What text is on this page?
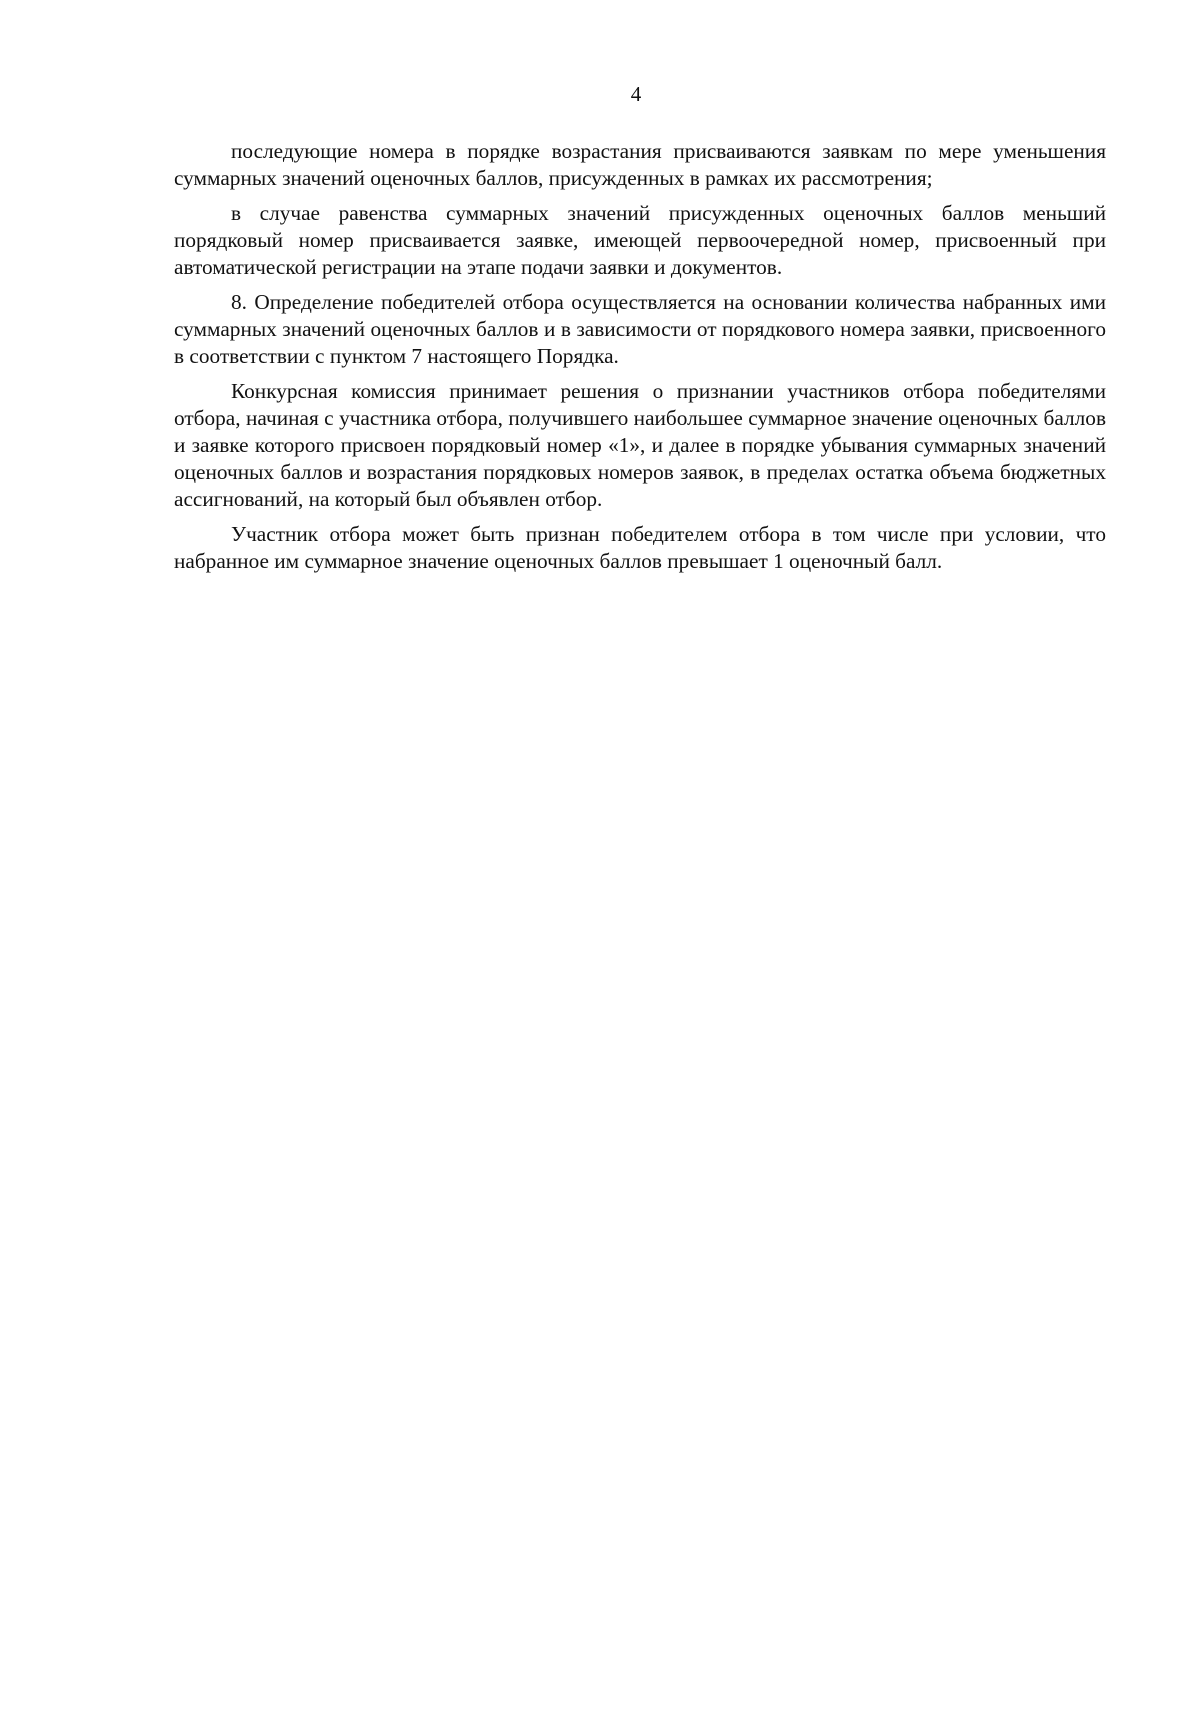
4

последующие номера в порядке возрастания присваиваются заявкам по мере уменьшения суммарных значений оценочных баллов, присужденных в рамках их рассмотрения;

в случае равенства суммарных значений присужденных оценочных баллов меньший порядковый номер присваивается заявке, имеющей первоочередной номер, присвоенный при автоматической регистрации на этапе подачи заявки и документов.

8. Определение победителей отбора осуществляется на основании количества набранных ими суммарных значений оценочных баллов и в зависимости от порядкового номера заявки, присвоенного в соответствии с пунктом 7 настоящего Порядка.

Конкурсная комиссия принимает решения о признании участников отбора победителями отбора, начиная с участника отбора, получившего наибольшее суммарное значение оценочных баллов и заявке которого присвоен порядковый номер «1», и далее в порядке убывания суммарных значений оценочных баллов и возрастания порядковых номеров заявок, в пределах остатка объема бюджетных ассигнований, на который был объявлен отбор.

Участник отбора может быть признан победителем отбора в том числе при условии, что набранное им суммарное значение оценочных баллов превышает 1 оценочный балл.
